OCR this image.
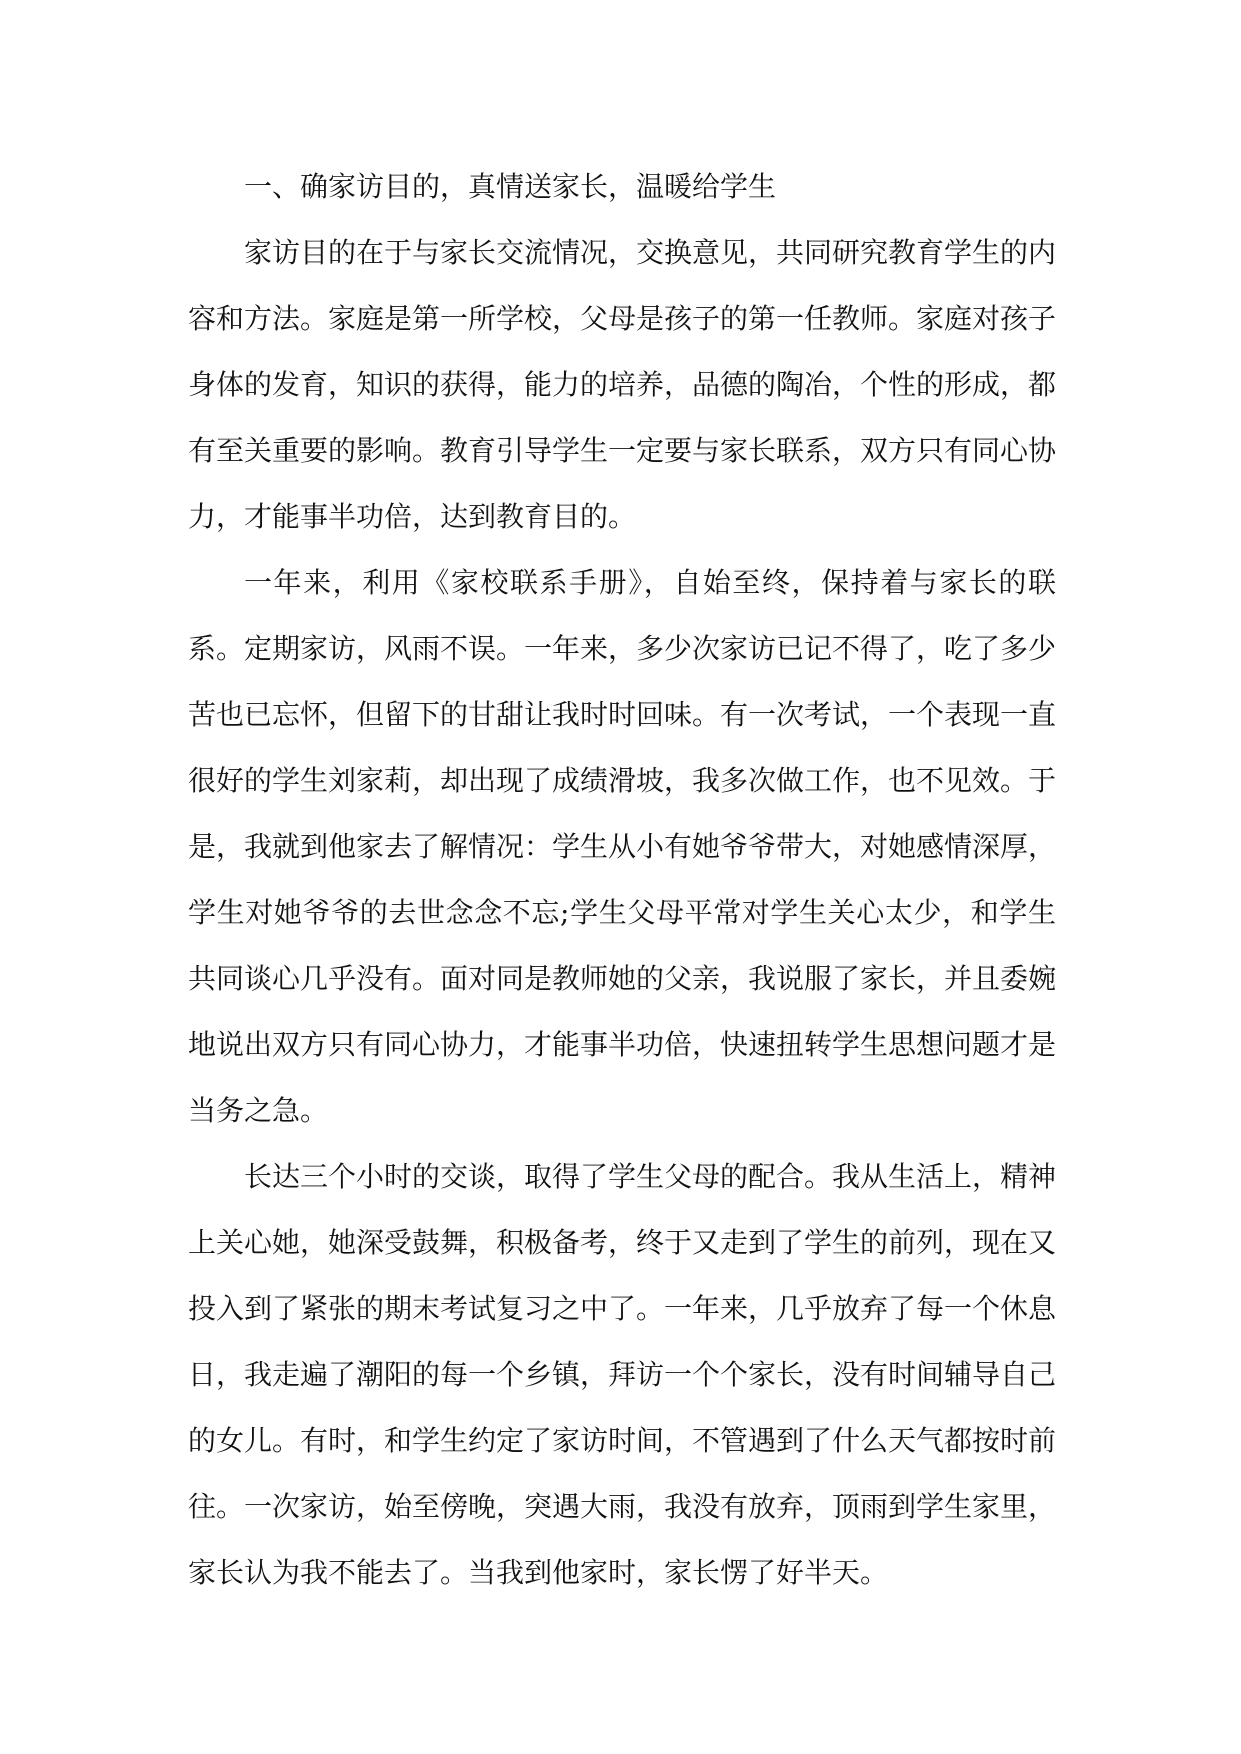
一、确家访目的，真情送家长，温暖给学生

家访目的在于与家长交流情况，交换意见，共同研究教育学生的内容和方法。家庭是第一所学校，父母是孩子的第一任教师。家庭对孩子身体的发育，知识的获得，能力的培养，品德的陶冶，个性的形成，都有至关重要的影响。教育引导学生一定要与家长联系，双方只有同心协力，才能事半功倍，达到教育目的。

一年来，利用《家校联系手册》，自始至终，保持着与家长的联系。定期家访，风雨不误。一年来，多少次家访已记不得了，吃了多少苦也已忘怀，但留下的甘甜让我时时回味。有一次考试，一个表现一直很好的学生刘家莉，却出现了成绩滑坡，我多次做工作，也不见效。于是，我就到他家去了解情况：学生从小有她爷爷带大，对她感情深厚，学生对她爷爷的去世念念不忘;学生父母平常对学生关心太少，和学生共同谈心几乎没有。面对同是教师她的父亲，我说服了家长，并且委婉地说出双方只有同心协力，才能事半功倍，快速扭转学生思想问题才是当务之急。

长达三个小时的交谈，取得了学生父母的配合。我从生活上，精神上关心她，她深受鼓舞，积极备考，终于又走到了学生的前列，现在又投入到了紧张的期末考试复习之中了。一年来，几乎放弃了每一个休息日，我走遍了潮阳的每一个乡镇，拜访一个个家长，没有时间辅导自己的女儿。有时，和学生约定了家访时间，不管遇到了什么天气都按时前往。一次家访，始至傍晚，突遇大雨，我没有放弃，顶雨到学生家里，家长认为我不能去了。当我到他家时，家长愣了好半天。
